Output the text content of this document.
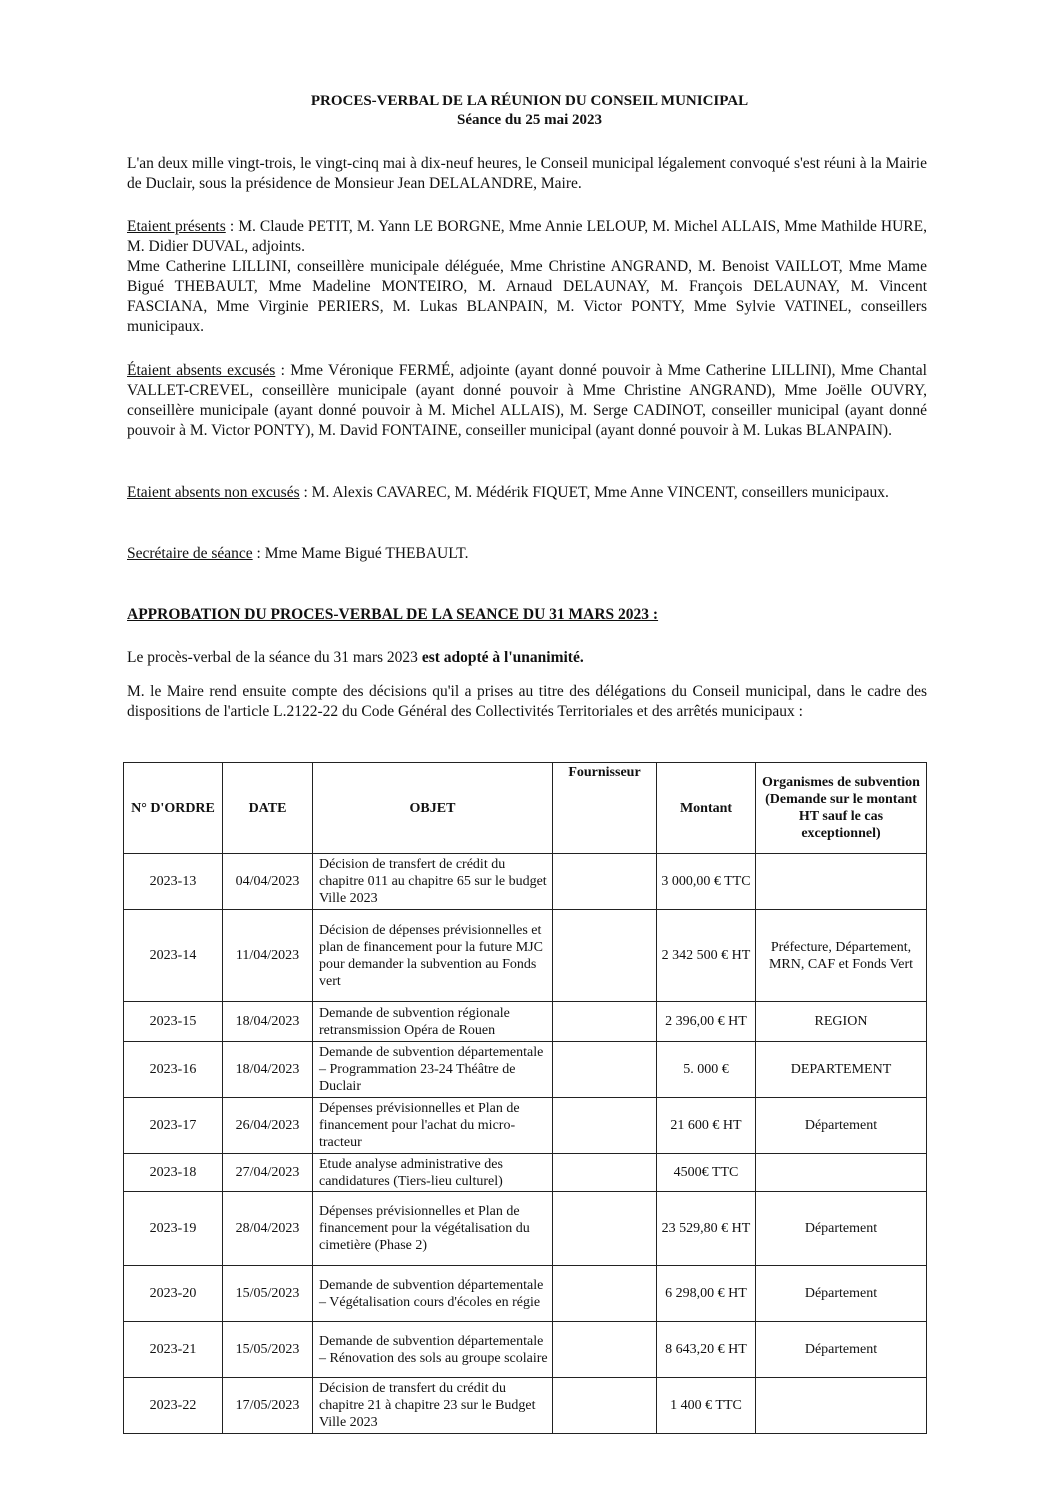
PROCES-VERBAL DE LA RÉUNION DU CONSEIL MUNICIPAL
Séance du 25 mai 2023
L'an deux mille vingt-trois, le vingt-cinq mai à dix-neuf heures, le Conseil municipal légalement convoqué s'est réuni à la Mairie de Duclair, sous la présidence de Monsieur Jean DELALANDRE, Maire.
Etaient présents : M. Claude PETIT, M. Yann LE BORGNE, Mme Annie LELOUP, M. Michel ALLAIS, Mme Mathilde HURE, M. Didier DUVAL, adjoints.
Mme Catherine LILLINI, conseillère municipale déléguée, Mme Christine ANGRAND, M. Benoist VAILLOT, Mme Mame Bigué THEBAULT, Mme Madeline MONTEIRO, M. Arnaud DELAUNAY, M. François DELAUNAY, M. Vincent FASCIANA, Mme Virginie PERIERS, M. Lukas BLANPAIN, M. Victor PONTY, Mme Sylvie VATINEL, conseillers municipaux.
Étaient absents excusés : Mme Véronique FERMÉ, adjointe (ayant donné pouvoir à Mme Catherine LILLINI), Mme Chantal VALLET-CREVEL, conseillère municipale (ayant donné pouvoir à Mme Christine ANGRAND), Mme Joëlle OUVRY, conseillère municipale (ayant donné pouvoir à M. Michel ALLAIS), M. Serge CADINOT, conseiller municipal (ayant donné pouvoir à M. Victor PONTY), M. David FONTAINE, conseiller municipal (ayant donné pouvoir à M. Lukas BLANPAIN).
Etaient absents non excusés : M. Alexis CAVAREC, M. Médérik FIQUET, Mme Anne VINCENT, conseillers municipaux.
Secrétaire de séance : Mme Mame Bigué THEBAULT.
APPROBATION DU PROCES-VERBAL DE LA SEANCE DU 31 MARS 2023 :
Le procès-verbal de la séance du 31 mars 2023 est adopté à l'unanimité.
M. le Maire rend ensuite compte des décisions qu'il a prises au titre des délégations du Conseil municipal, dans le cadre des dispositions de l'article L.2122-22 du Code Général des Collectivités Territoriales et des arrêtés municipaux :
N° D'ORDRE	DATE	OBJET	Fournisseur	Montant	Organismes de subvention (Demande sur le montant HT sauf le cas exceptionnel)
2023-13	04/04/2023	Décision de transfert de crédit du chapitre 011 au chapitre 65 sur le budget Ville 2023		3 000,00 € TTC	
2023-14	11/04/2023	Décision de dépenses prévisionnelles et plan de financement pour la future MJC pour demander la subvention au Fonds vert		2 342 500 € HT	Préfecture, Département, MRN, CAF et Fonds Vert
2023-15	18/04/2023	Demande de subvention régionale retransmission Opéra de Rouen		2 396,00 € HT	REGION
2023-16	18/04/2023	Demande de subvention départementale – Programmation 23-24 Théâtre de Duclair		5. 000 €	DEPARTEMENT
2023-17	26/04/2023	Dépenses prévisionnelles et Plan de financement pour l'achat du micro-tracteur		21 600 € HT	Département
2023-18	27/04/2023	Etude analyse administrative des candidatures (Tiers-lieu culturel)		4500€ TTC	
2023-19	28/04/2023	Dépenses prévisionnelles et Plan de financement pour la végétalisation du cimetière (Phase 2)		23 529,80 € HT	Département
2023-20	15/05/2023	Demande de subvention départementale – Végétalisation cours d'écoles en régie		6 298,00 € HT	Département
2023-21	15/05/2023	Demande de subvention départementale – Rénovation des sols au groupe scolaire		8 643,20 € HT	Département
2023-22	17/05/2023	Décision de transfert du crédit du chapitre 21 à chapitre 23 sur le Budget Ville 2023		1 400 € TTC	
